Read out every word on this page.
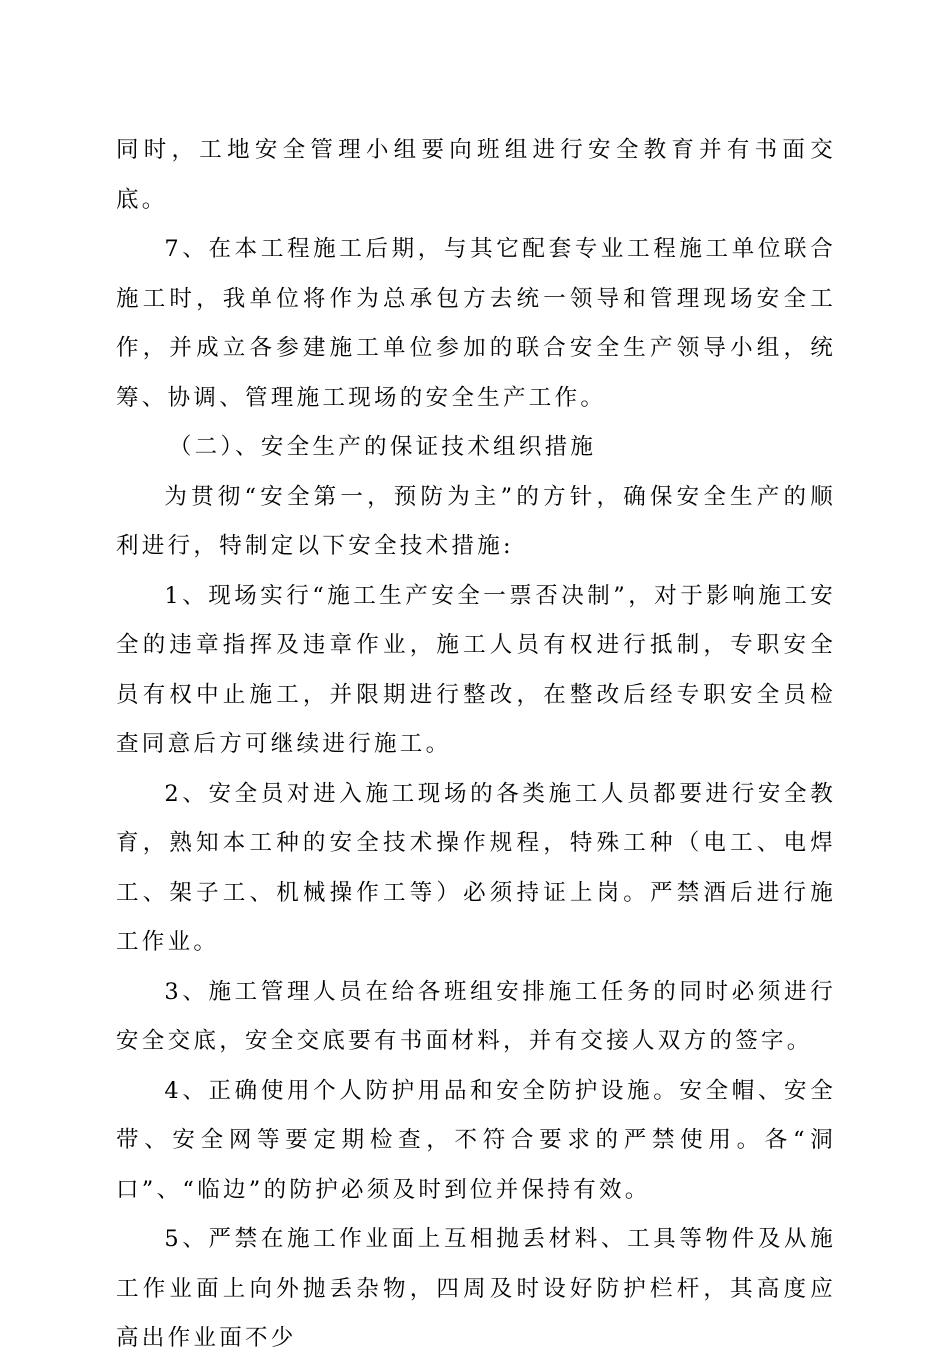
同时，工地安全管理小组要向班组进行安全教育并有书面交底。

7、在本工程施工后期，与其它配套专业工程施工单位联合施工时，我单位将作为总承包方去统一领导和管理现场安全工作，并成立各参建施工单位参加的联合安全生产领导小组，统筹、协调、管理施工现场的安全生产工作。

（二）、安全生产的保证技术组织措施

为贯彻“安全第一，预防为主”的方针，确保安全生产的顺利进行，特制定以下安全技术措施:

1、现场实行“施工生产安全一票否决制”，对于影响施工安全的违章指挥及违章作业，施工人员有权进行抵制，专职安全员有权中止施工，并限期进行整改，在整改后经专职安全员检查同意后方可继续进行施工。

2、安全员对进入施工现场的各类施工人员都要进行安全教育，熟知本工种的安全技术操作规程，特殊工种（电工、电焊工、架子工、机械操作工等）必须持证上岗。严禁酒后进行施工作业。

3、施工管理人员在给各班组安排施工任务的同时必须进行安全交底，安全交底要有书面材料，并有交接人双方的签字。

4、正确使用个人防护用品和安全防护设施。安全帽、安全带、安全网等要定期检查，不符合要求的严禁使用。各“洞口”、“临边”的防护必须及时到位并保持有效。

5、严禁在施工作业面上互相抛丢材料、工具等物件及从施工作业面上向外抛丢杂物，四周及时设好防护栏杆，其高度应高出作业面不少
